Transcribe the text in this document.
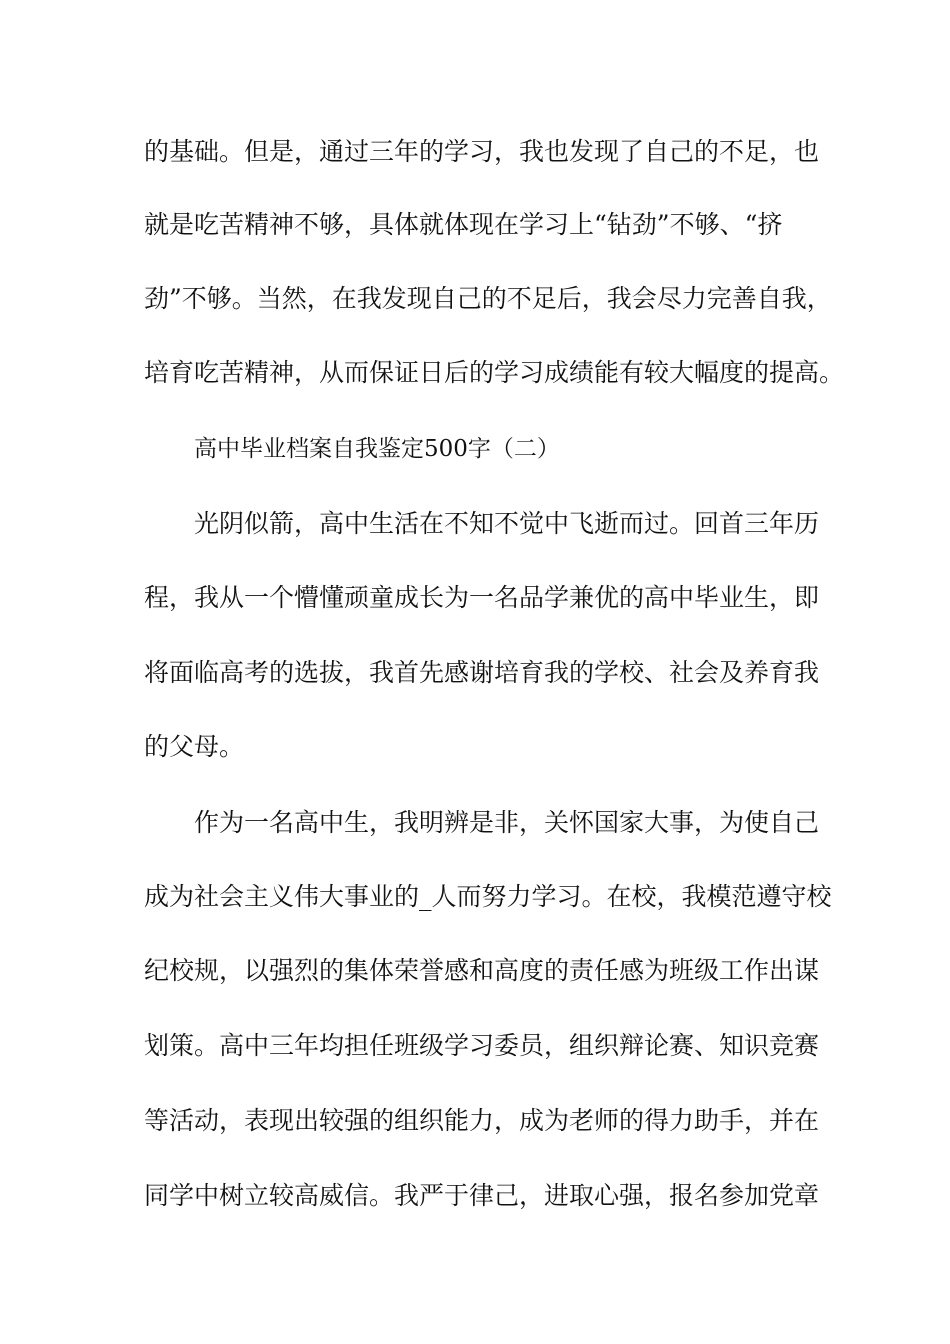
的基础。但是，通过三年的学习，我也发现了自己的不足，也
就是吃苦精神不够，具体就体现在学习上“钻劲”不够、“挤
劲”不够。当然，在我发现自己的不足后，我会尽力完善自我，
培育吃苦精神，从而保证日后的学习成绩能有较大幅度的提高。
高中毕业档案自我鉴定500字（二）
光阴似箭，高中生活在不知不觉中飞逝而过。回首三年历
程，我从一个懵懂顽童成长为一名品学兼优的高中毕业生，即
将面临高考的选拔，我首先感谢培育我的学校、社会及养育我
的父母。
作为一名高中生，我明辨是非，关怀国家大事，为使自己
成为社会主义伟大事业的_人而努力学习。在校，我模范遵守校
纪校规，以强烈的集体荣誉感和高度的责任感为班级工作出谋
划策。高中三年均担任班级学习委员，组织辩论赛、知识竞赛
等活动，表现出较强的组织能力，成为老师的得力助手，并在
同学中树立较高威信。我严于律己，进取心强，报名参加党章
